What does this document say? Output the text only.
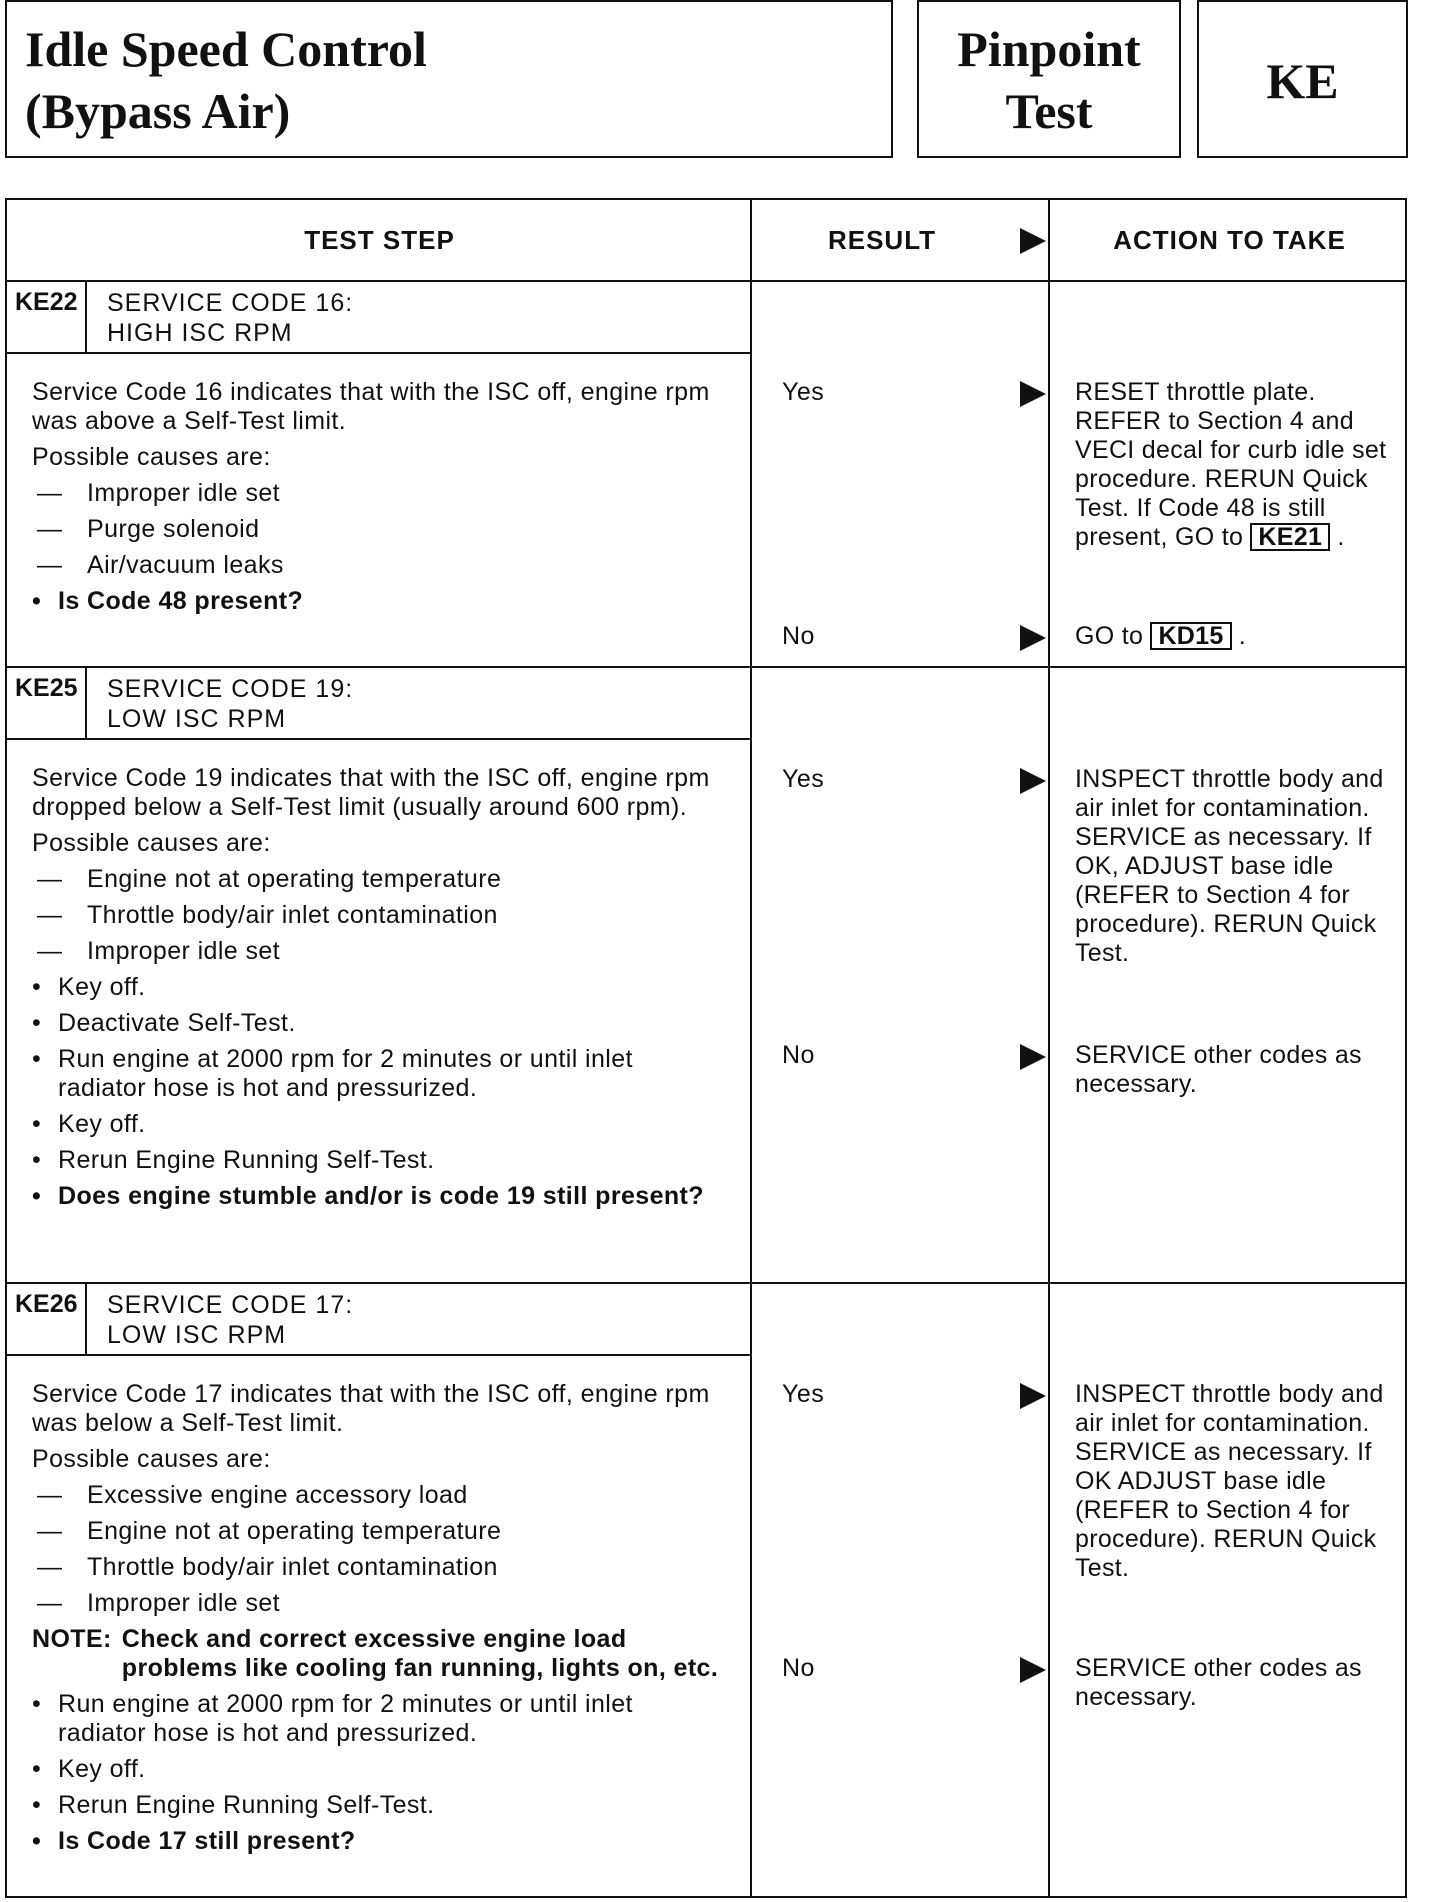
Idle Speed Control
(Bypass Air)
Pinpoint
Test
KE
TEST STEP	RESULT	ACTION TO TAKE
KE22	SERVICE CODE 16:
HIGH ISC RPM
Service Code 16 indicates that with the ISC off, engine rpm was above a Self-Test limit.
Possible causes are:
— Improper idle set
— Purge solenoid
— Air/vacuum leaks
• Is Code 48 present?
Yes	RESET throttle plate. REFER to Section 4 and VECI decal for curb idle set procedure. RERUN Quick Test. If Code 48 is still present, GO to KE21 .
No	GO to KD15 .
KE25	SERVICE CODE 19:
LOW ISC RPM
Service Code 19 indicates that with the ISC off, engine rpm dropped below a Self-Test limit (usually around 600 rpm).
Possible causes are:
— Engine not at operating temperature
— Throttle body/air inlet contamination
— Improper idle set
• Key off.
• Deactivate Self-Test.
• Run engine at 2000 rpm for 2 minutes or until inlet radiator hose is hot and pressurized.
• Key off.
• Rerun Engine Running Self-Test.
• Does engine stumble and/or is code 19 still present?
Yes	INSPECT throttle body and air inlet for contamination. SERVICE as necessary. If OK, ADJUST base idle (REFER to Section 4 for procedure). RERUN Quick Test.
No	SERVICE other codes as necessary.
KE26	SERVICE CODE 17:
LOW ISC RPM
Service Code 17 indicates that with the ISC off, engine rpm was below a Self-Test limit.
Possible causes are:
— Excessive engine accessory load
— Engine not at operating temperature
— Throttle body/air inlet contamination
— Improper idle set
NOTE: Check and correct excessive engine load problems like cooling fan running, lights on, etc.
• Run engine at 2000 rpm for 2 minutes or until inlet radiator hose is hot and pressurized.
• Key off.
• Rerun Engine Running Self-Test.
• Is Code 17 still present?
Yes	INSPECT throttle body and air inlet for contamination. SERVICE as necessary. If OK ADJUST base idle (REFER to Section 4 for procedure). RERUN Quick Test.
No	SERVICE other codes as necessary.
